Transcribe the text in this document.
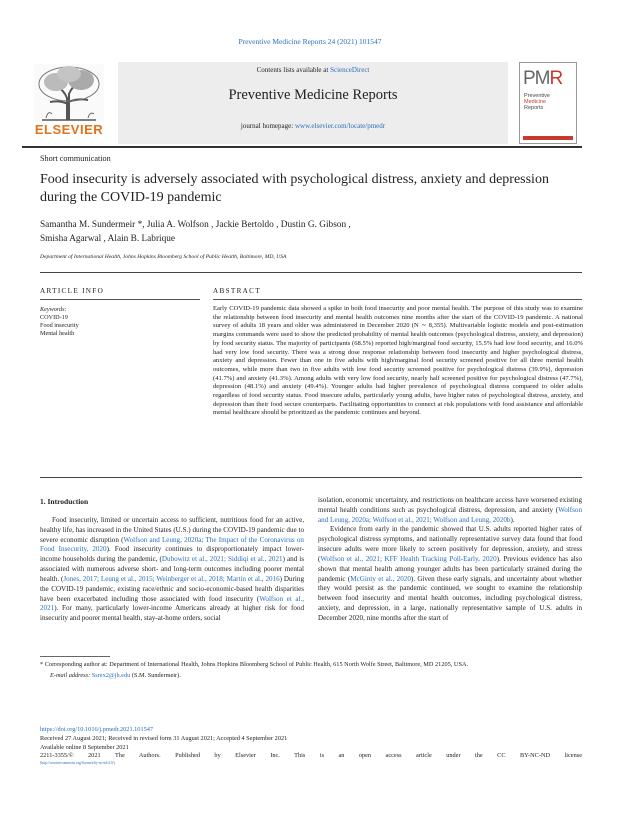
Preventive Medicine Reports 24 (2021) 101547
ELSEVIER
Contents lists available at ScienceDirect
Preventive Medicine Reports
journal homepage: www.elsevier.com/locate/pmedr
PMR
Preventive
Medicine
Reports
Short communication
Food insecurity is adversely associated with psychological distress, anxiety and depression during the COVID-19 pandemic
Samantha M. Sundermeir *, Julia A. Wolfson , Jackie Bertoldo , Dustin G. Gibson ,
Smisha Agarwal , Alain B. Labrique
Department of International Health, Johns Hopkins Bloomberg School of Public Health, Baltimore, MD, USA
ARTICLE INFO
Keywords:
COVID-19
Food insecurity
Mental health
ABSTRACT
Early COVID-19 pandemic data showed a spike in both food insecurity and poor mental health. The purpose of this study was to examine the relationship between food insecurity and mental health outcomes nine months after the start of the COVID-19 pandemic. A national survey of adults 18 years and older was administered in December 2020 (N ∼ 8,355). Multivariable logistic models and post-estimation margins commands were used to show the predicted probability of mental health outcomes (psychological distress, anxiety, and depression) by food security status. The majority of participants (68.5%) reported high/marginal food security, 15.5% had low food security, and 16.0% had very low food security. There was a strong dose response relationship between food insecurity and higher psychological distress, anxiety and depression. Fewer than one in five adults with high/marginal food security screened positive for all three mental health outcomes, while more than two in five adults with low food security screened positive for psychological distress (39.9%), depression (41.7%) and anxiety (41.3%). Among adults with very low food security, nearly half screened positive for psychological distress (47.7%), depression (48.1%) and anxiety (49.4%). Younger adults had higher prevalence of psychological distress compared to older adults regardless of food security status. Food insecure adults, particularly young adults, have higher rates of psychological distress, anxiety, and depression than their food secure counterparts. Facilitating opportunities to connect at risk populations with food assistance and affordable mental healthcare should be prioritized as the pandemic continues and beyond.
1. Introduction

Food insecurity, limited or uncertain access to sufficient, nutritious food for an active, healthy life, has increased in the United States (U.S.) during the COVID-19 pandemic due to severe economic disruption (Wolfson and Leung, 2020a; The Impact of the Coronavirus on Food Insecurity, 2020). Food insecurity continues to disproportionately impact lower-income households during the pandemic, (Dubowitz et al., 2021; Siddiqi et al., 2021) and is associated with numerous adverse short- and long-term outcomes including poorer mental health. (Jones, 2017; Leung et al., 2015; Weinberger et al., 2018; Martin et al., 2016) During the COVID-19 pandemic, existing race/ethnic and socio-economic-based health disparities have been exacerbated including those associated with food insecurity (Wolfson et al., 2021). For many, particularly lower-income Americans already at higher risk for food insecurity and poorer mental health, stay-at-home orders, social

isolation, economic uncertainty, and restrictions on healthcare access have worsened existing mental health conditions such as psychological distress, depression, and anxiety (Wolfson and Leung, 2020a; Wolfson et al., 2021; Wolfson and Leung, 2020b).

Evidence from early in the pandemic showed that U.S. adults reported higher rates of psychological distress symptoms, and nationally representative survey data found that food insecure adults were more likely to screen positively for depression, anxiety, and stress (Wolfson et al., 2021; KFF Health Tracking Poll-Early, 2020). Previous evidence has also shown that mental health among younger adults has been particularly strained during the pandemic (McGinty et al., 2020). Given these early signals, and uncertainty about whether they would persist as the pandemic continued, we sought to examine the relationship between food insecurity and mental health outcomes, including psychological distress, anxiety, and depression, in a large, nationally representative sample of U.S. adults in December 2020, nine months after the start of

* Corresponding author at: Department of International Health, Johns Hopkins Bloomberg School of Public Health, 615 North Wolfe Street, Baltimore, MD 21205, USA.
E-mail address: Ssrex2@jh.edu (S.M. Sundermeir).
https://doi.org/10.1016/j.pmedr.2021.101547
Received 27 August 2021; Received in revised form 31 August 2021; Accepted 4 September 2021
Available online 8 September 2021
2211-3355/© 2021 The Authors. Published by Elsevier Inc. This is an open access article under the CC BY-NC-ND license
(http://creativecommons.org/licenses/by-nc-nd/4.0/).
